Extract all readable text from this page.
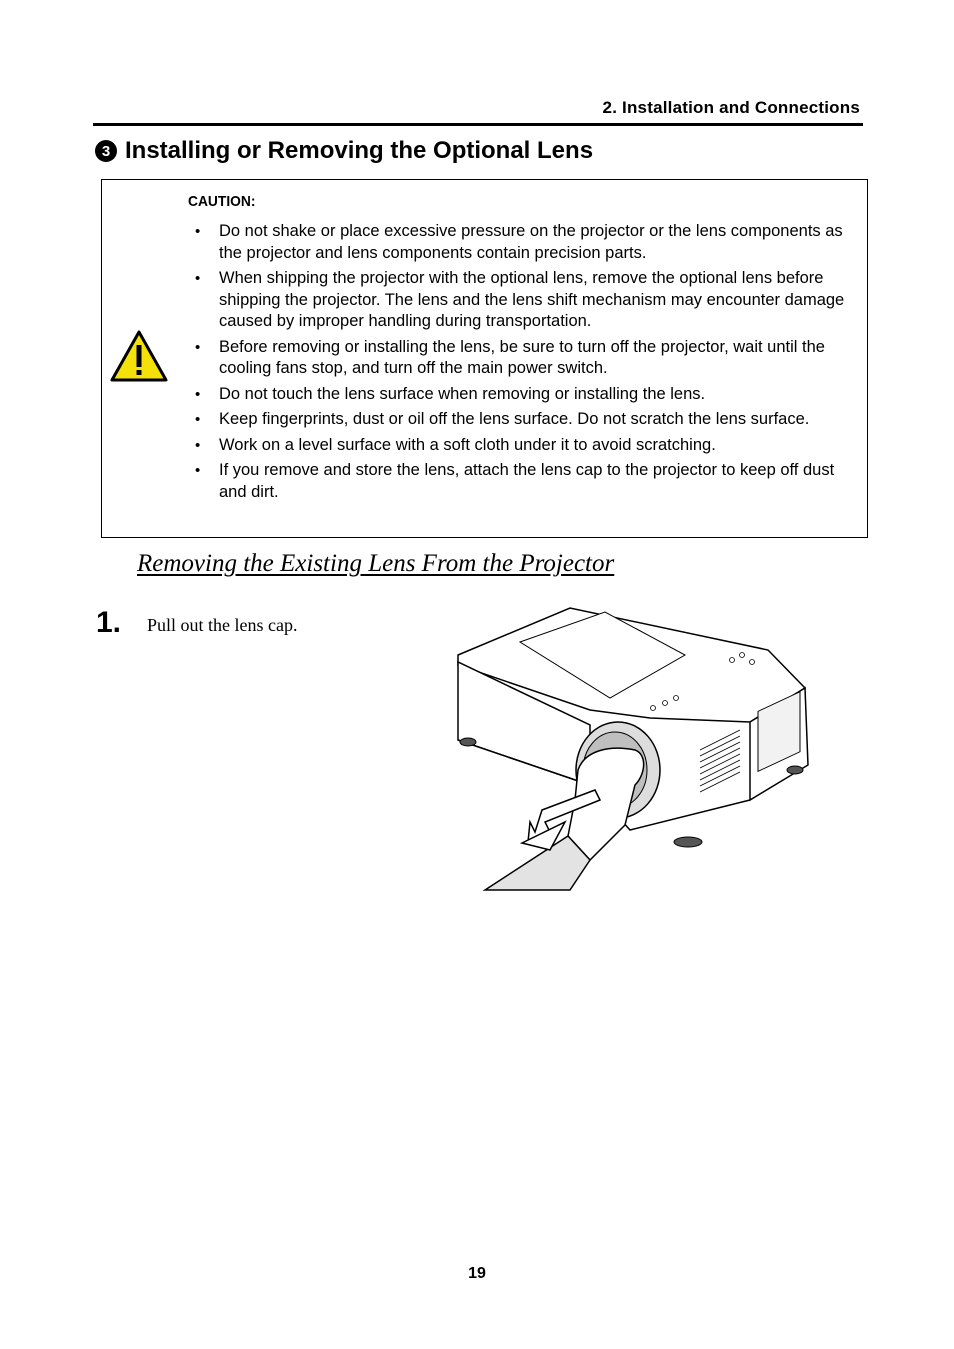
2. Installation and Connections
3 Installing or Removing the Optional Lens
CAUTION:
• Do not shake or place excessive pressure on the projector or the lens components as the projector and lens components contain precision parts.
• When shipping the projector with the optional lens, remove the optional lens before shipping the projector. The lens and the lens shift mechanism may encounter damage caused by improper handling during transportation.
• Before removing or installing the lens, be sure to turn off the projector, wait until the cooling fans stop, and turn off the main power switch.
• Do not touch the lens surface when removing or installing the lens.
• Keep fingerprints, dust or oil off the lens surface. Do not scratch the lens surface.
• Work on a level surface with a soft cloth under it to avoid scratching.
• If you remove and store the lens, attach the lens cap to the projector to keep off dust and dirt.
Removing the Existing Lens From the Projector
1. Pull out the lens cap.
19
